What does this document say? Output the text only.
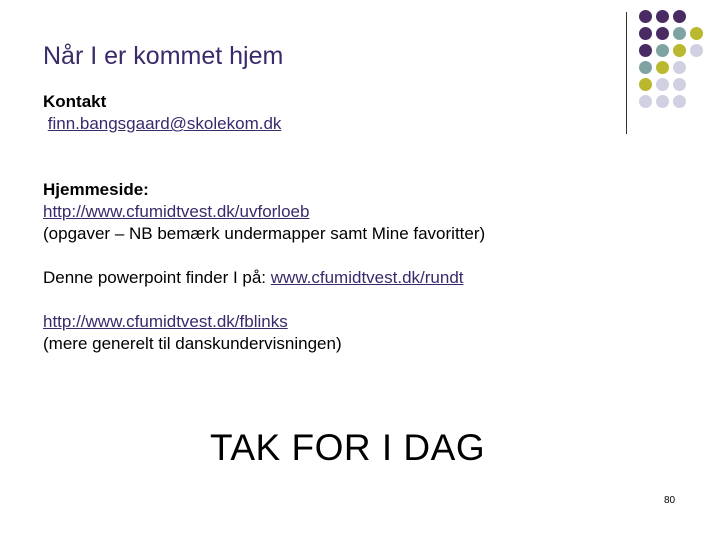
Når I er kommet hjem
Kontakt
finn.bangsgaard@skolekom.dk
Hjemmeside:
http://www.cfumidtvest.dk/uvforloeb
(opgaver – NB bemærk undermapper samt Mine favoritter)
Denne powerpoint finder I på: www.cfumidtvest.dk/rundt
http://www.cfumidtvest.dk/fblinks
(mere generelt til danskundervisningen)
TAK FOR I DAG
80
